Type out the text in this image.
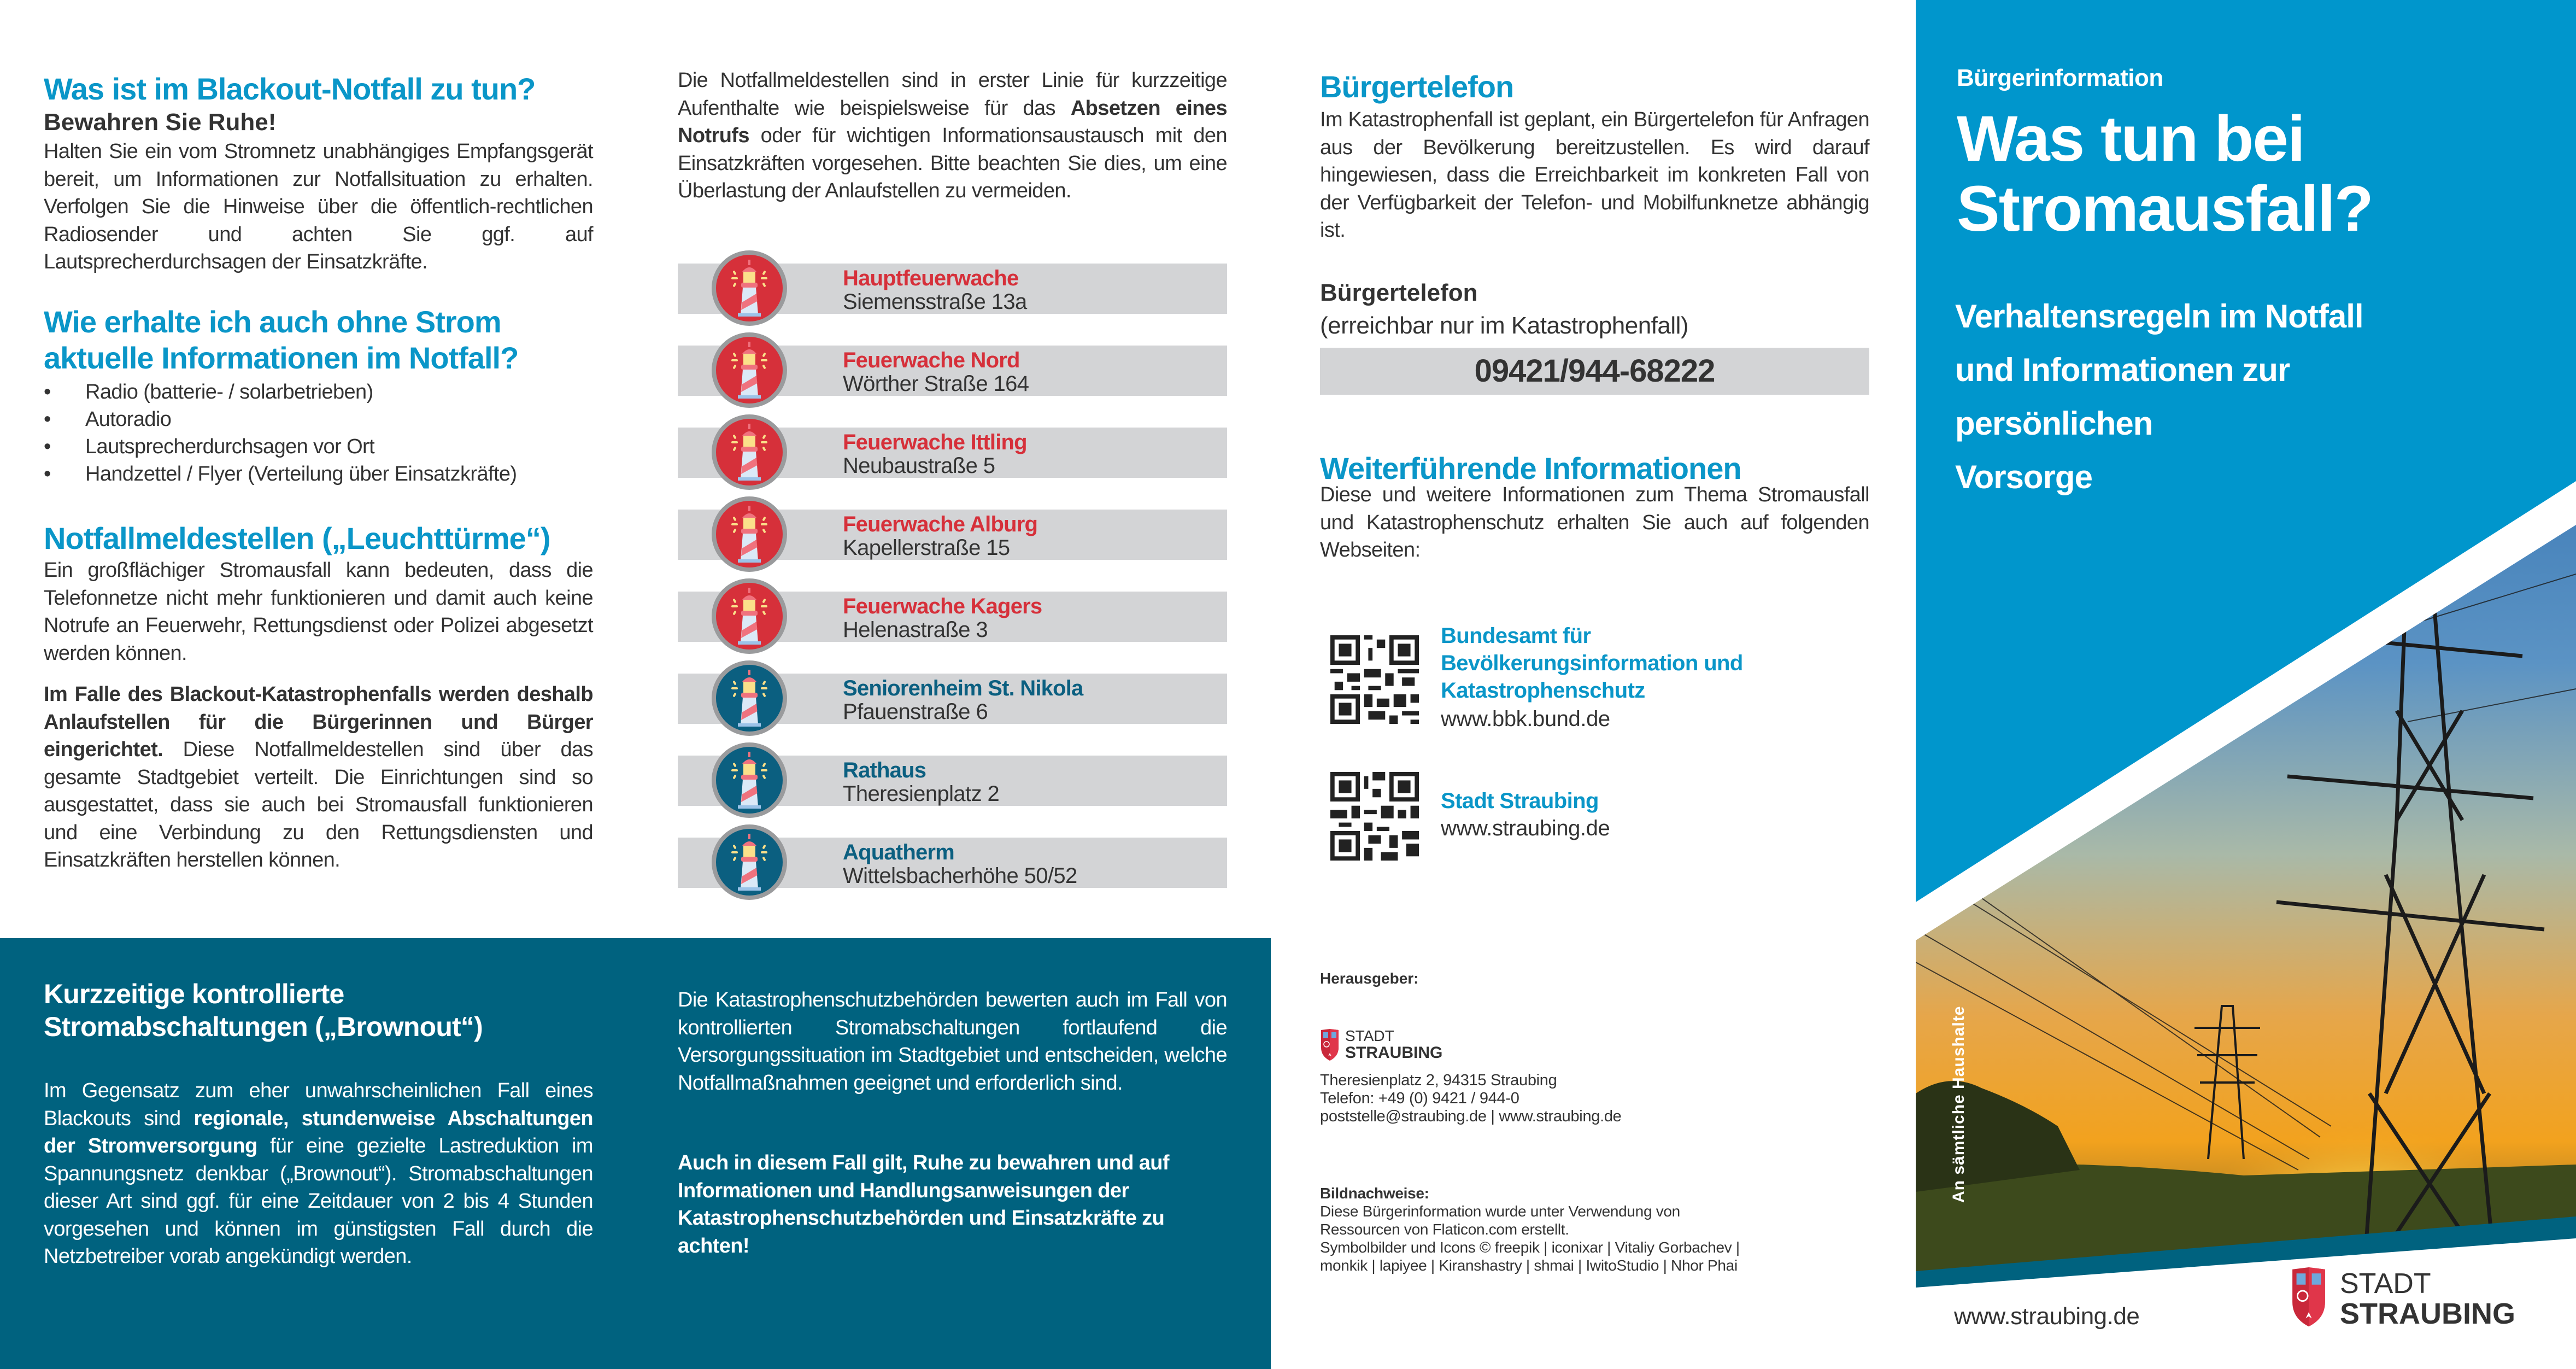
Was ist im Blackout-Notfall zu tun?
Bewahren Sie Ruhe!

Halten Sie ein vom Stromnetz unabhängiges Empfangsgerät bereit, um Informationen zur Notfallsituation zu erhalten. Verfolgen Sie die Hinweise über die öffentlich-rechtlichen Radiosender und achten Sie ggf. auf Lautsprecherdurchsagen der Einsatzkräfte.

Wie erhalte ich auch ohne Strom
aktuelle Informationen im Notfall?
• Radio (batterie- / solarbetrieben)
• Autoradio
• Lautsprecherdurchsagen vor Ort
• Handzettel / Flyer (Verteilung über Einsatzkräfte)
Notfallmeldestellen („Leuchttürme“)

Ein großflächiger Stromausfall kann bedeuten, dass die Telefonnetze nicht mehr funktionieren und damit auch keine Notrufe an Feuerwehr, Rettungsdienst oder Polizei abgesetzt werden können.

Im Falle des Blackout-Katastrophenfalls werden deshalb Anlaufstellen für die Bürgerinnen und Bürger eingerichtet. Diese Notfallmeldestellen sind über das gesamte Stadtgebiet verteilt. Die Einrichtungen sind so ausgestattet, dass sie auch bei Stromausfall funktionieren und eine Verbindung zu den Rettungsdiensten und Einsatzkräften herstellen können.

Die Notfallmeldestellen sind in erster Linie für kurzzeitige Aufenthalte wie beispielsweise für das Absetzen eines Notrufs oder für wichtigen Informationsaustausch mit den Einsatzkräften vorgesehen. Bitte beachten Sie dies, um eine Überlastung der Anlaufstellen zu vermeiden.

Hauptfeuerwache
Siemensstraße 13a
Feuerwache Nord
Wörther Straße 164
Feuerwache Ittling
Neubaustraße 5
Feuerwache Alburg
Kapellerstraße 15
Feuerwache Kagers
Helenastraße 3
Seniorenheim St. Nikola
Pfauenstraße 6
Rathaus
Theresienplatz 2
Aquatherm
Wittelsbacherhöhe 50/52
Bürgertelefon

Im Katastrophenfall ist geplant, ein Bürgertelefon für Anfragen aus der Bevölkerung bereitzustellen. Es wird darauf hingewiesen, dass die Erreichbarkeit im konkreten Fall von der Verfügbarkeit der Telefon- und Mobilfunknetze abhängig ist.

Bürgertelefon
(erreichbar nur im Katastrophenfall)
09421/944-68222
Weiterführende Informationen

Diese und weitere Informationen zum Thema Stromausfall und Katastrophenschutz erhalten Sie auch auf folgenden Webseiten:

Bundesamt für
Bevölkerungsinformation und
Katastrophenschutz
www.bbk.bund.de
Stadt Straubing
www.straubing.de
Herausgeber:
STADT
STRAUBING
Theresienplatz 2, 94315 Straubing
Telefon: +49 (0) 9421 / 944-0
poststelle@straubing.de | www.straubing.de
Bildnachweise:
Diese Bürgerinformation wurde unter Verwendung von
Ressourcen von Flaticon.com erstellt.
Symbolbilder und Icons © freepik | iconixar | Vitaliy Gorbachev |
monkik | lapiyee | Kiranshastry | shmai | IwitoStudio | Nhor Phai
Kurzzeitige kontrollierte
Stromabschaltungen („Brownout“)

Im Gegensatz zum eher unwahrscheinlichen Fall eines Blackouts sind regionale, stundenweise Abschaltungen der Stromversorgung für eine gezielte Lastreduktion im Spannungsnetz denkbar („Brownout“). Stromabschaltungen dieser Art sind ggf. für eine Zeitdauer von 2 bis 4 Stunden vorgesehen und können im günstigsten Fall durch die Netzbetreiber vorab angekündigt werden.

Die Katastrophenschutzbehörden bewerten auch im Fall von kontrollierten Stromabschaltungen fortlaufend die Versorgungssituation im Stadtgebiet und entscheiden, welche Notfallmaßnahmen geeignet und erforderlich sind.

Auch in diesem Fall gilt, Ruhe zu bewahren und auf Informationen und Handlungsanweisungen der Katastrophenschutzbehörden und Einsatzkräfte zu achten!

Bürgerinformation
Was tun bei
Stromausfall?
Verhaltensregeln im Notfall
und Informationen zur
persönlichen
Vorsorge
An sämtliche Haushalte
www.straubing.de
STADT
STRAUBING
